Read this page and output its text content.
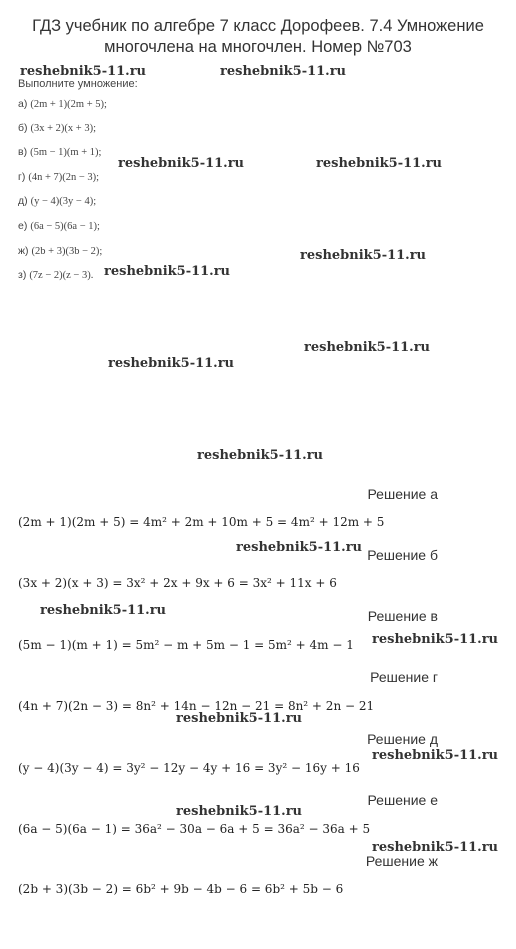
ГДЗ учебник по алгебре 7 класс Дорофеев. 7.4 Умножение
многочлена на многочлен. Номер №703
reshebnik5-11.ru	reshebnik5-11.ru
reshebnik5-11.ru	reshebnik5-11.ru
reshebnik5-11.ru
reshebnik5-11.ru
reshebnik5-11.ru
reshebnik5-11.ru
reshebnik5-11.ru
reshebnik5-11.ru
reshebnik5-11.ru
reshebnik5-11.ru
reshebnik5-11.ru
reshebnik5-11.ru
reshebnik5-11.ru
reshebnik5-11.ru
Выполните умножение:
а) (2m + 1)(2m + 5);
б) (3x + 2)(x + 3);
в) (5m − 1)(m + 1);
г) (4n + 7)(2n − 3);
д) (y − 4)(3y − 4);
е) (6a − 5)(6a − 1);
ж) (2b + 3)(3b − 2);
з) (7z − 2)(z − 3).
Решение а
(2m + 1)(2m + 5) = 4m² + 2m + 10m + 5 = 4m² + 12m + 5
Решение б
(3x + 2)(x + 3) = 3x² + 2x + 9x + 6 = 3x² + 11x + 6
Решение в
(5m − 1)(m + 1) = 5m² − m + 5m − 1 = 5m² + 4m − 1
Решение г
(4n + 7)(2n − 3) = 8n² + 14n − 12n − 21 = 8n² + 2n − 21
Решение д
(y − 4)(3y − 4) = 3y² − 12y − 4y + 16 = 3y² − 16y + 16
Решение е
(6a − 5)(6a − 1) = 36a² − 30a − 6a + 5 = 36a² − 36a + 5
Решение ж
(2b + 3)(3b − 2) = 6b² + 9b − 4b − 6 = 6b² + 5b − 6
